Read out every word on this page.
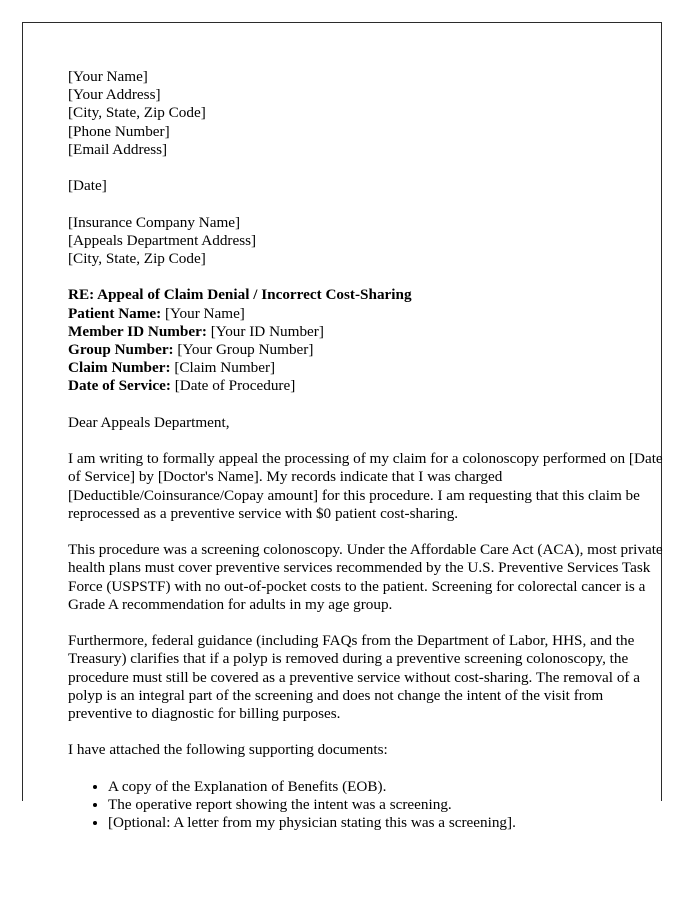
[Your Name]
[Your Address]
[City, State, Zip Code]
[Phone Number]
[Email Address]
[Date]
[Insurance Company Name]
[Appeals Department Address]
[City, State, Zip Code]
RE: Appeal of Claim Denial / Incorrect Cost-Sharing
Patient Name: [Your Name]
Member ID Number: [Your ID Number]
Group Number: [Your Group Number]
Claim Number: [Claim Number]
Date of Service: [Date of Procedure]

Dear Appeals Department,

I am writing to formally appeal the processing of my claim for a colonoscopy performed on [Date of Service] by [Doctor's Name]. My records indicate that I was charged [Deductible/Coinsurance/Copay amount] for this procedure. I am requesting that this claim be reprocessed as a preventive service with $0 patient cost-sharing.

This procedure was a screening colonoscopy. Under the Affordable Care Act (ACA), most private health plans must cover preventive services recommended by the U.S. Preventive Services Task Force (USPSTF) with no out-of-pocket costs to the patient. Screening for colorectal cancer is a Grade A recommendation for adults in my age group.

Furthermore, federal guidance (including FAQs from the Department of Labor, HHS, and the Treasury) clarifies that if a polyp is removed during a preventive screening colonoscopy, the procedure must still be covered as a preventive service without cost-sharing. The removal of a polyp is an integral part of the screening and does not change the intent of the visit from preventive to diagnostic for billing purposes.

I have attached the following supporting documents:

• A copy of the Explanation of Benefits (EOB).
• The operative report showing the intent was a screening.
• [Optional: A letter from my physician stating this was a screening].
